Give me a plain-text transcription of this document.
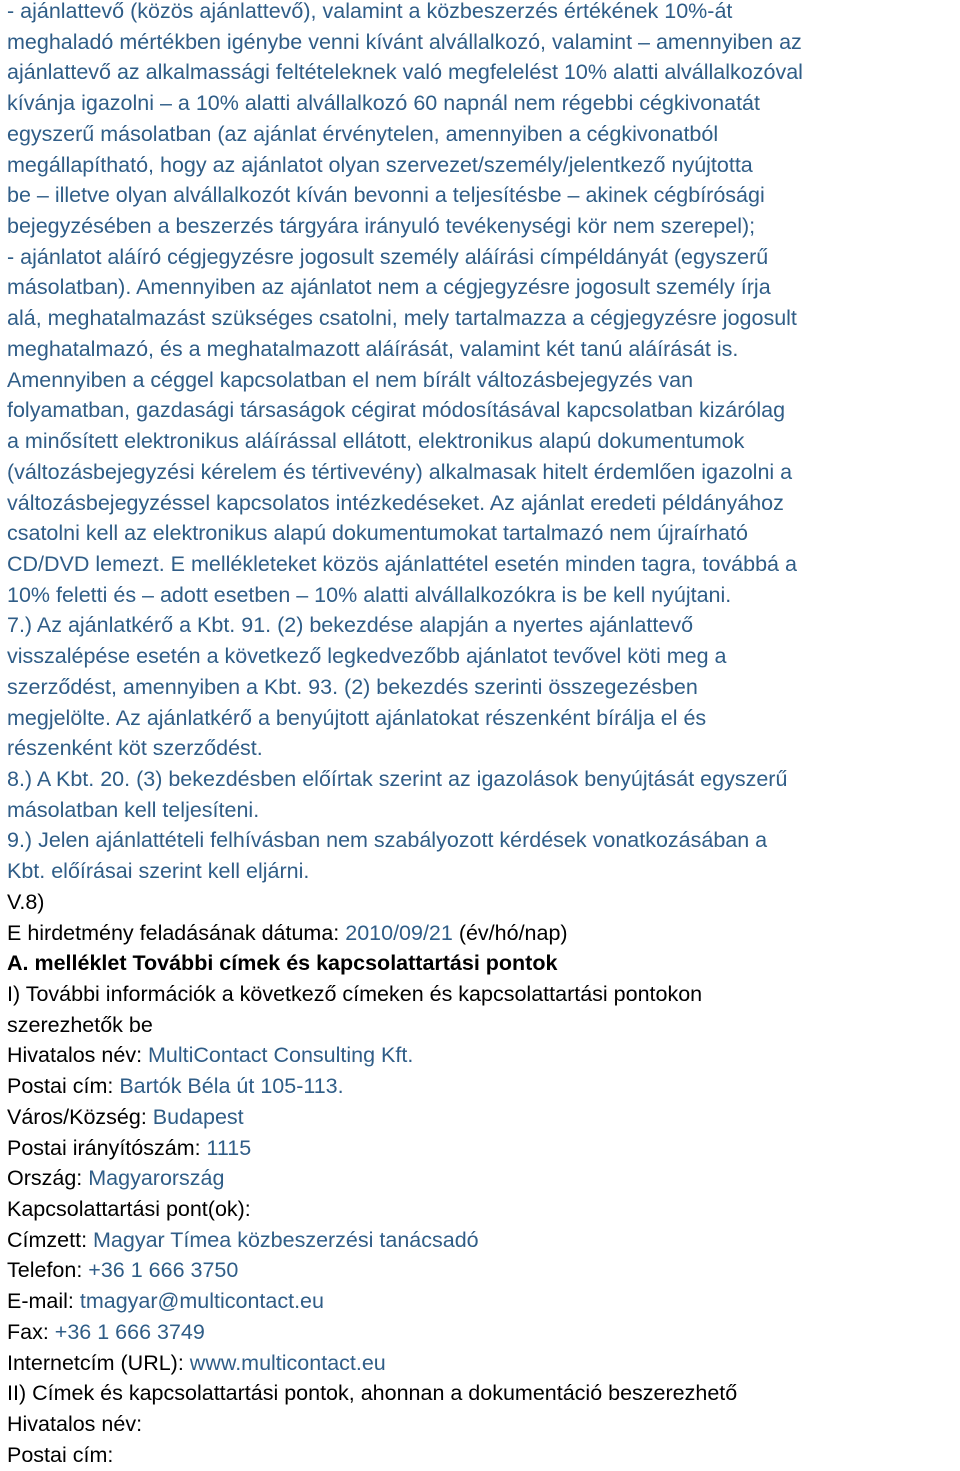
- ajánlattevő (közös ajánlattevő), valamint a közbeszerzés értékének 10%-át
meghaladó mértékben igénybe venni kívánt alvállalkozó, valamint – amennyiben az
ajánlattevő az alkalmassági feltételeknek való megfelelést 10% alatti alvállalkozóval
kívánja igazolni – a 10% alatti alvállalkozó 60 napnál nem régebbi cégkivonatát
egyszerű másolatban (az ajánlat érvénytelen, amennyiben a cégkivonatból
megállapítható, hogy az ajánlatot olyan szervezet/személy/jelentkező nyújtotta
be – illetve olyan alvállalkozót kíván bevonni a teljesítésbe – akinek cégbírósági
bejegyzésében a beszerzés tárgyára irányuló tevékenységi kör nem szerepel);
- ajánlatot aláíró cégjegyzésre jogosult személy aláírási címpéldányát (egyszerű
másolatban). Amennyiben az ajánlatot nem a cégjegyzésre jogosult személy írja
alá, meghatalmazást szükséges csatolni, mely tartalmazza a cégjegyzésre jogosult
meghatalmazó, és a meghatalmazott aláírását, valamint két tanú aláírását is.
Amennyiben a céggel kapcsolatban el nem bírált változásbejegyzés van
folyamatban, gazdasági társaságok cégirat módosításával kapcsolatban kizárólag
a minősített elektronikus aláírással ellátott, elektronikus alapú dokumentumok
(változásbejegyzési kérelem és tértivevény) alkalmasak hitelt érdemlően igazolni a
változásbejegyzéssel kapcsolatos intézkedéseket. Az ajánlat eredeti példányához
csatolni kell az elektronikus alapú dokumentumokat tartalmazó nem újraírható
CD/DVD lemezt. E mellékleteket közös ajánlattétel esetén minden tagra, továbbá a
10% feletti és – adott esetben – 10% alatti alvállalkozókra is be kell nyújtani.
7.) Az ajánlatkérő a Kbt. 91. (2) bekezdése alapján a nyertes ajánlattevő
visszalépése esetén a következő legkedvezőbb ajánlatot tevővel köti meg a
szerződést, amennyiben a Kbt. 93. (2) bekezdés szerinti összegezésben
megjelölte. Az ajánlatkérő a benyújtott ajánlatokat részenként bírálja el és
részenként köt szerződést.
8.) A Kbt. 20. (3) bekezdésben előírtak szerint az igazolások benyújtását egyszerű
másolatban kell teljesíteni.
9.) Jelen ajánlattételi felhívásban nem szabályozott kérdések vonatkozásában a
Kbt. előírásai szerint kell eljárni.
V.8)
E hirdetmény feladásának dátuma: 2010/09/21 (év/hó/nap)
A. melléklet További címek és kapcsolattartási pontok
I) További információk a következő címeken és kapcsolattartási pontokon
szerezhetők be
Hivatalos név: MultiContact Consulting Kft.
Postai cím: Bartók Béla út 105-113.
Város/Község: Budapest
Postai irányítószám: 1115
Ország: Magyarország
Kapcsolattartási pont(ok):
Címzett: Magyar Tímea közbeszerzési tanácsadó
Telefon: +36 1 666 3750
E-mail: tmagyar@multicontact.eu
Fax: +36 1 666 3749
Internetcím (URL): www.multicontact.eu
II) Címek és kapcsolattartási pontok, ahonnan a dokumentáció beszerezhető
Hivatalos név:
Postai cím:
